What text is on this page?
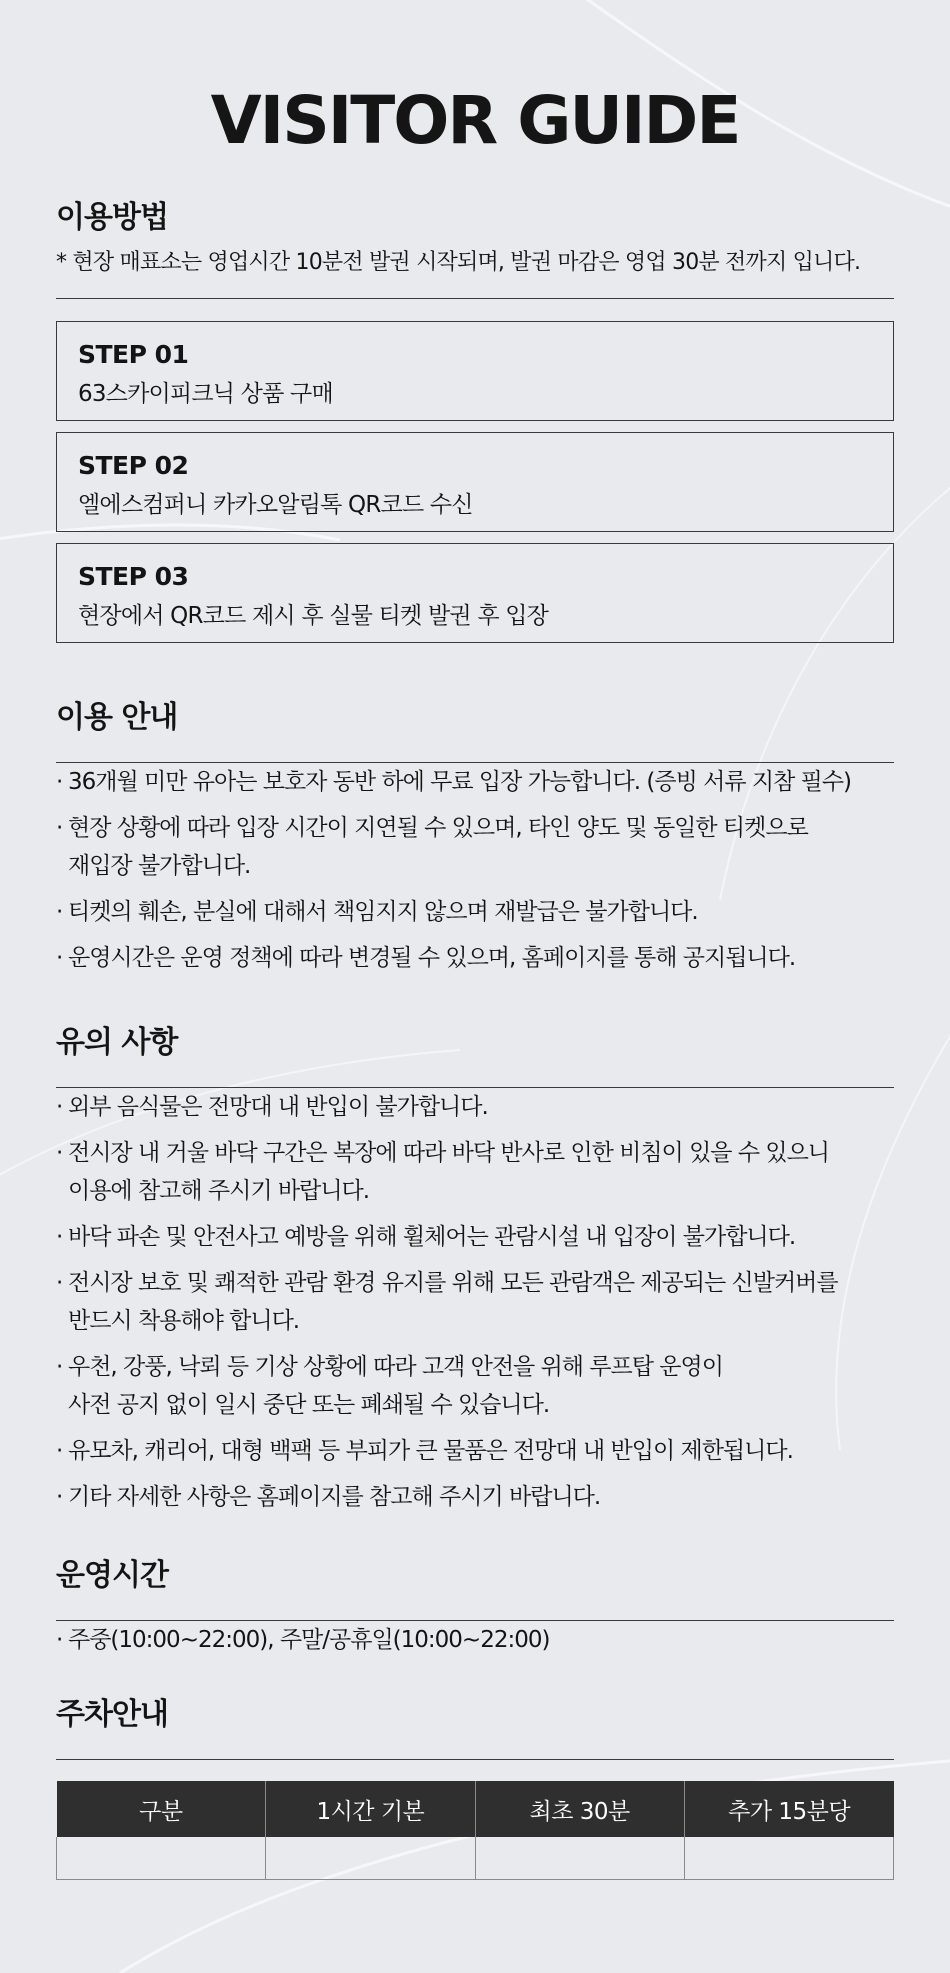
VISITOR GUIDE
이용방법
* 현장 매표소는 영업시간 10분전 발권 시작되며, 발권 마감은 영업 30분 전까지 입니다.
STEP 01
63스카이피크닉 상품 구매
STEP 02
엘에스컴퍼니 카카오알림톡 QR코드 수신
STEP 03
현장에서 QR코드 제시 후 실물 티켓 발권 후 입장
이용 안내
· 36개월 미만 유아는 보호자 동반 하에 무료 입장 가능합니다. (증빙 서류 지참 필수)
· 현장 상황에 따라 입장 시간이 지연될 수 있으며, 타인 양도 및 동일한 티켓으로
재입장 불가합니다.
· 티켓의 훼손, 분실에 대해서 책임지지 않으며 재발급은 불가합니다.
· 운영시간은 운영 정책에 따라 변경될 수 있으며, 홈페이지를 통해 공지됩니다.
유의 사항
· 외부 음식물은 전망대 내 반입이 불가합니다.
· 전시장 내 거울 바닥 구간은 복장에 따라 바닥 반사로 인한 비침이 있을 수 있으니
이용에 참고해 주시기 바랍니다.
· 바닥 파손 및 안전사고 예방을 위해 휠체어는 관람시설 내 입장이 불가합니다.
· 전시장 보호 및 쾌적한 관람 환경 유지를 위해 모든 관람객은 제공되는 신발커버를
반드시 착용해야 합니다.
· 우천, 강풍, 낙뢰 등 기상 상황에 따라 고객 안전을 위해 루프탑 운영이
사전 공지 없이 일시 중단 또는 폐쇄될 수 있습니다.
· 유모차, 캐리어, 대형 백팩 등 부피가 큰 물품은 전망대 내 반입이 제한됩니다.
· 기타 자세한 사항은 홈페이지를 참고해 주시기 바랍니다.
운영시간
· 주중(10:00~22:00), 주말/공휴일(10:00~22:00)
주차안내
구분	1시간 기본	최초 30분	추가 15분당
